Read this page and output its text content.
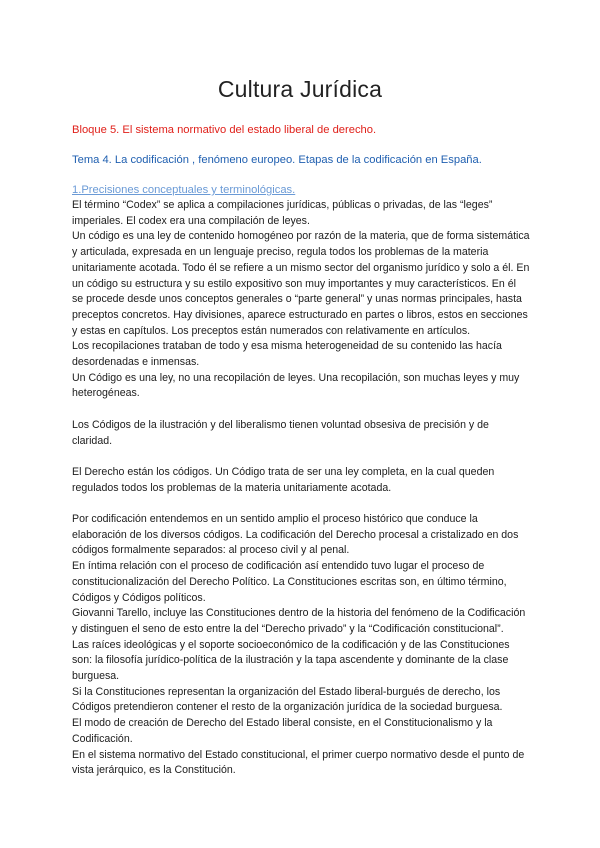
Cultura Jurídica

Bloque 5. El sistema normativo del estado liberal de derecho.

Tema 4. La codificación , fenómeno europeo. Etapas de la codificación en España.

1.Precisiones conceptuales y terminológicas.

El término “Codex” se aplica a compilaciones jurídicas, públicas o privadas, de las “leges” imperiales. El codex era una compilación de leyes.

Un código es una ley de contenido homogéneo por razón de la materia, que de forma sistemática y articulada, expresada en un lenguaje preciso, regula todos los problemas de la materia unitariamente acotada. Todo él se refiere a un mismo sector del organismo jurídico y solo a él. En un código su estructura y su estilo expositivo son muy importantes y muy característicos. En él se procede desde unos conceptos generales o “parte general” y unas normas principales, hasta preceptos concretos. Hay divisiones, aparece estructurado en partes o libros, estos en secciones y estas en capítulos. Los preceptos están numerados con relativamente en artículos.

Los recopilaciones trataban de todo y esa misma heterogeneidad de su contenido las hacía desordenadas e inmensas.

Un Código es una ley, no una recopilación de leyes. Una recopilación, son muchas leyes y muy heterogéneas.

Los Códigos de la ilustración y del liberalismo tienen voluntad obsesiva de precisión y de claridad.

El Derecho están los códigos. Un Código trata de ser una ley completa, en la cual queden regulados todos los problemas de la materia unitariamente acotada.

Por codificación entendemos en un sentido amplio el proceso histórico que conduce la elaboración de los diversos códigos. La codificación del Derecho procesal a cristalizado en dos códigos formalmente separados: al proceso civil y al penal.

En íntima relación con el proceso de codificación así entendido tuvo lugar el proceso de constitucionalización del Derecho Político. La Constituciones escritas son, en último término, Códigos y Códigos políticos.

Giovanni Tarello, incluye las Constituciones dentro de la historia del fenómeno de la Codificación y distinguen el seno de esto entre la del “Derecho privado” y la “Codificación constitucional”.

Las raíces ideológicas y el soporte socioeconómico de la codificación y de las Constituciones son: la filosofía jurídico-política de la ilustración y la tapa ascendente y dominante de la clase burguesa.

Si la Constituciones representan la organización del Estado liberal-burgués de derecho, los Códigos pretendieron contener el resto de la organización jurídica de la sociedad burguesa.

El modo de creación de Derecho del Estado liberal consiste, en el Constitucionalismo y la Codificación.

En el sistema normativo del Estado constitucional, el primer cuerpo normativo desde el punto de vista jerárquico, es la Constitución.
